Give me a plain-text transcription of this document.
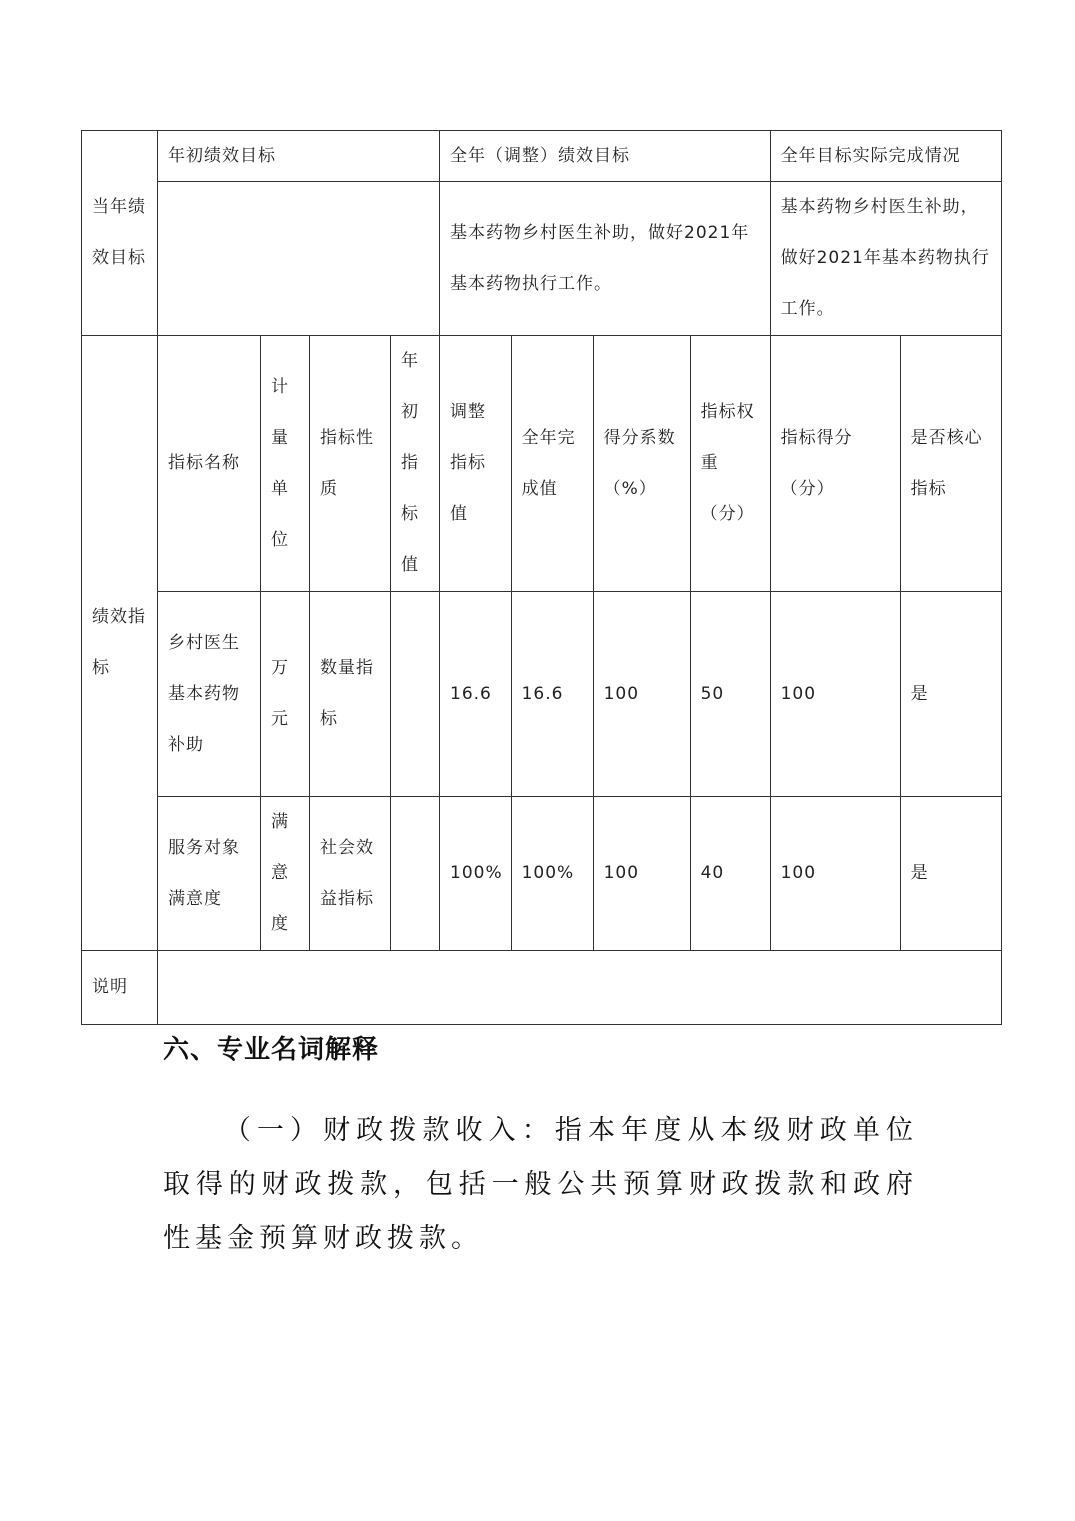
当年绩效目标	年初绩效目标				全年（调整）绩效目标				全年目标实际完成情况	
					基本药物乡村医生补助，做好2021年基本药物执行工作。				基本药物乡村医生补助，做好2021年基本药物执行工作。	
绩效指标	指标名称	计量单位	指标性质	年初指标值	调整指标值	全年完成值	得分系数（%）	指标权重（分）	指标得分（分）	是否核心指标
	乡村医生基本药物补助	万元	数量指标		16.6	16.6	100	50	100	是
	服务对象满意度	满意度	社会效益指标		100%	100%	100	40	100	是
说明										
六、专业名词解释
（一）财政拨款收入：指本年度从本级财政单位取得的财政拨款，包括一般公共预算财政拨款和政府性基金预算财政拨款。
